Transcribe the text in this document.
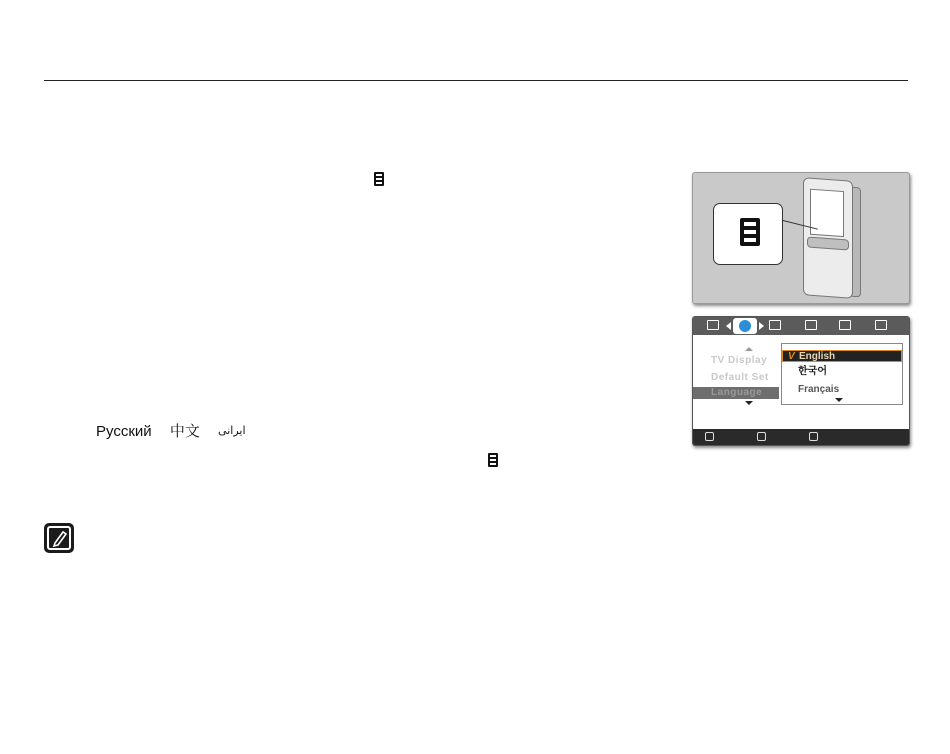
Русский 中文 ایرانی
TV Display
Default Set
Language
V English
한국어
Français
